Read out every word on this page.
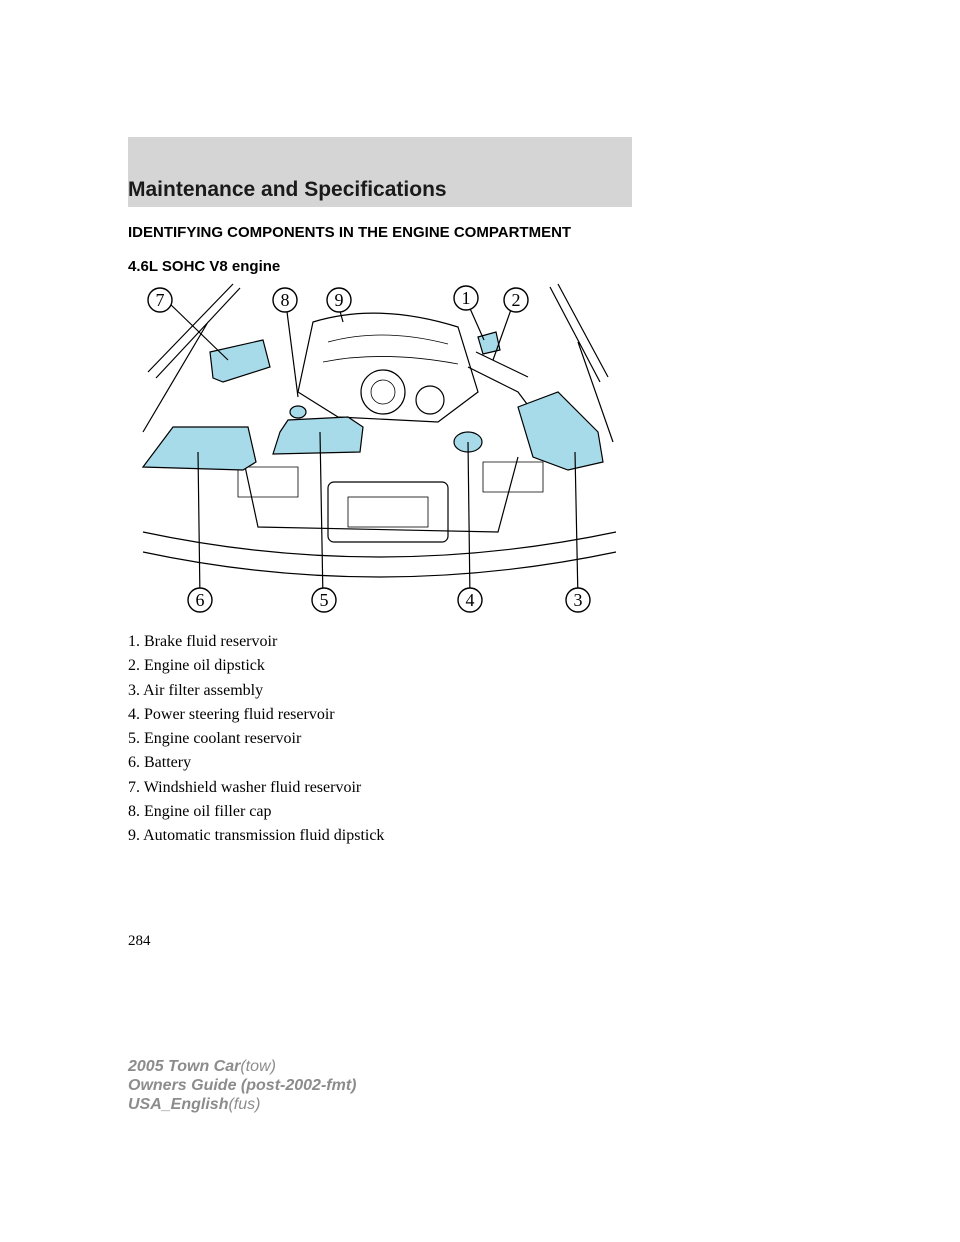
Maintenance and Specifications
IDENTIFYING COMPONENTS IN THE ENGINE COMPARTMENT
4.6L SOHC V8 engine
7	8	9	1 2
6	5	4	3
1. Brake fluid reservoir
2. Engine oil dipstick
3. Air filter assembly
4. Power steering fluid reservoir
5. Engine coolant reservoir
6. Battery
7. Windshield washer fluid reservoir
8. Engine oil filler cap
9. Automatic transmission fluid dipstick
284
2005 Town Car(tow)
Owners Guide (post-2002-fmt)
USA_English(fus)
